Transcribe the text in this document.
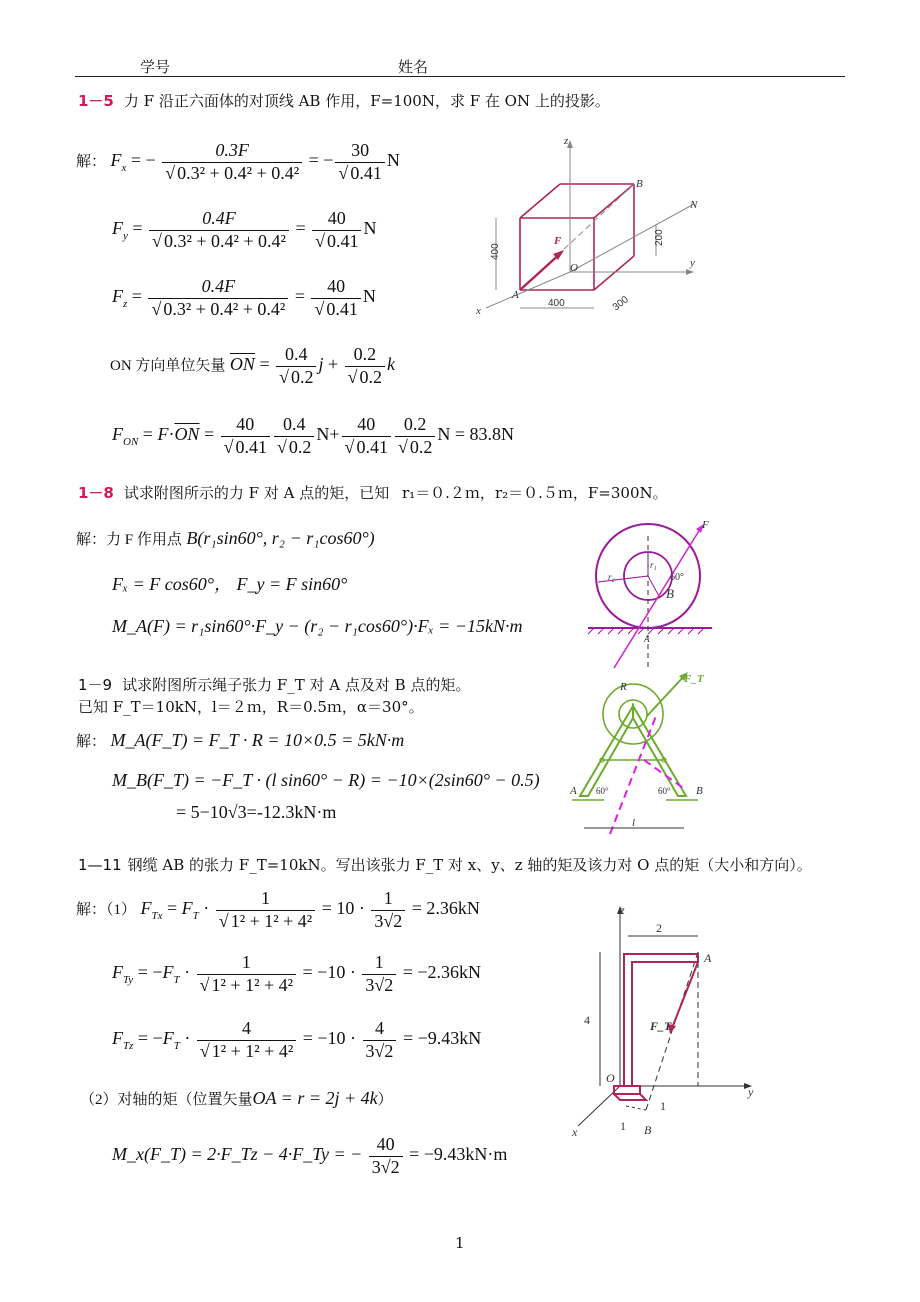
学号	姓名
1－5 力 F 沿正六面体的对顶线 AB 作用，F=100N，求 F 在 ON 上的投影。
解： $F_x$ = − $\frac{0.3F}{\text{√ 0.3² + 0.4² + 0.4²}}$ = − $\frac{30}{√ 0.41}$ N
$F_y = \frac{0.4F}{\text{√ 0.3² + 0.4² + 0.4²}} = \frac{40}{√ 0.41}$ N
$F_z = \frac{0.4F}{\text{√ 0.3² + 0.4² + 0.4²}} = \frac{40}{√ 0.41}$ N
ON 方向单位矢量 $\overline{ON} = \frac{0.4}{√ 0.2}$ $j + \frac{0.2}{√ 0.2}$ k
$F_{ON} = F\cdot\overline{ON} = \frac{40}{√ 0.41} \frac{0.4}{√ 0.2} N+ \frac{40}{√ 0.41} \frac{0.2}{√ 0.2}$ N = 83.8N
z
B
N
F
O	y
A
x
400
200
400	300
1－8 试求附图所示的力 F 对 A 点的矩，已知 r₁＝０.２ｍ，r₂＝０.５ｍ，F=300N。
解：力 F 作用点 B(r₁sin60°, r₂ − r₁cos60°)
Fₓ = F cos60°， F_y = F sin60°
M_A(F) = r₁sin60°·F_y − (r₂ − r₁cos60°)·Fₓ = −15kN·m
F
r₁
r₂	60°
B
A
1－9 试求附图所示绳子张力 F_T 对 A 点及对 B 点的矩。
已知 F_T＝10kN，l＝２ｍ，R＝0.5ｍ，α＝30°。
解： M_A(F_T) = F_T · R = 10×0.5 = 5kN·m
M_B(F_T) = −F_T · (l sin60° − R) = −10×(2sin60° − 0.5)
= 5−10√3=-12.3kN·m
F_T
R
A	B
60°	60°
l
1—11 钢缆 AB 的张力 F_T=10kN。写出该张力 F_T 对 x、y、z 轴的矩及该力对 O 点的矩（大小和方向）。
解：（1） $F_{Tx} = F_T \cdot \frac{1}{\text{√ 1² + 1² + 4²}} = 10 \cdot \frac{1}{3√2} = 2.36kN$
$F_{Ty} = -F_T \cdot \frac{1}{\text{√ 1² + 1² + 4²}} = -10 \cdot \frac{1}{3√2} = -2.36kN$
$F_{Tz} = -F_T \cdot \frac{4}{\text{√ 1² + 1² + 4²}} = -10 \cdot \frac{4}{3√2} = -9.43kN$
（2）对轴的矩（位置矢量OA = r = 2j + 4k）
M_x(F_T) = 2·F_Tz − 4·F_Ty = − $\frac{40}{3√2} = -9.43kN\cdot m$
z
2
A
4	F_T
O
y
x
1
1 B
1
